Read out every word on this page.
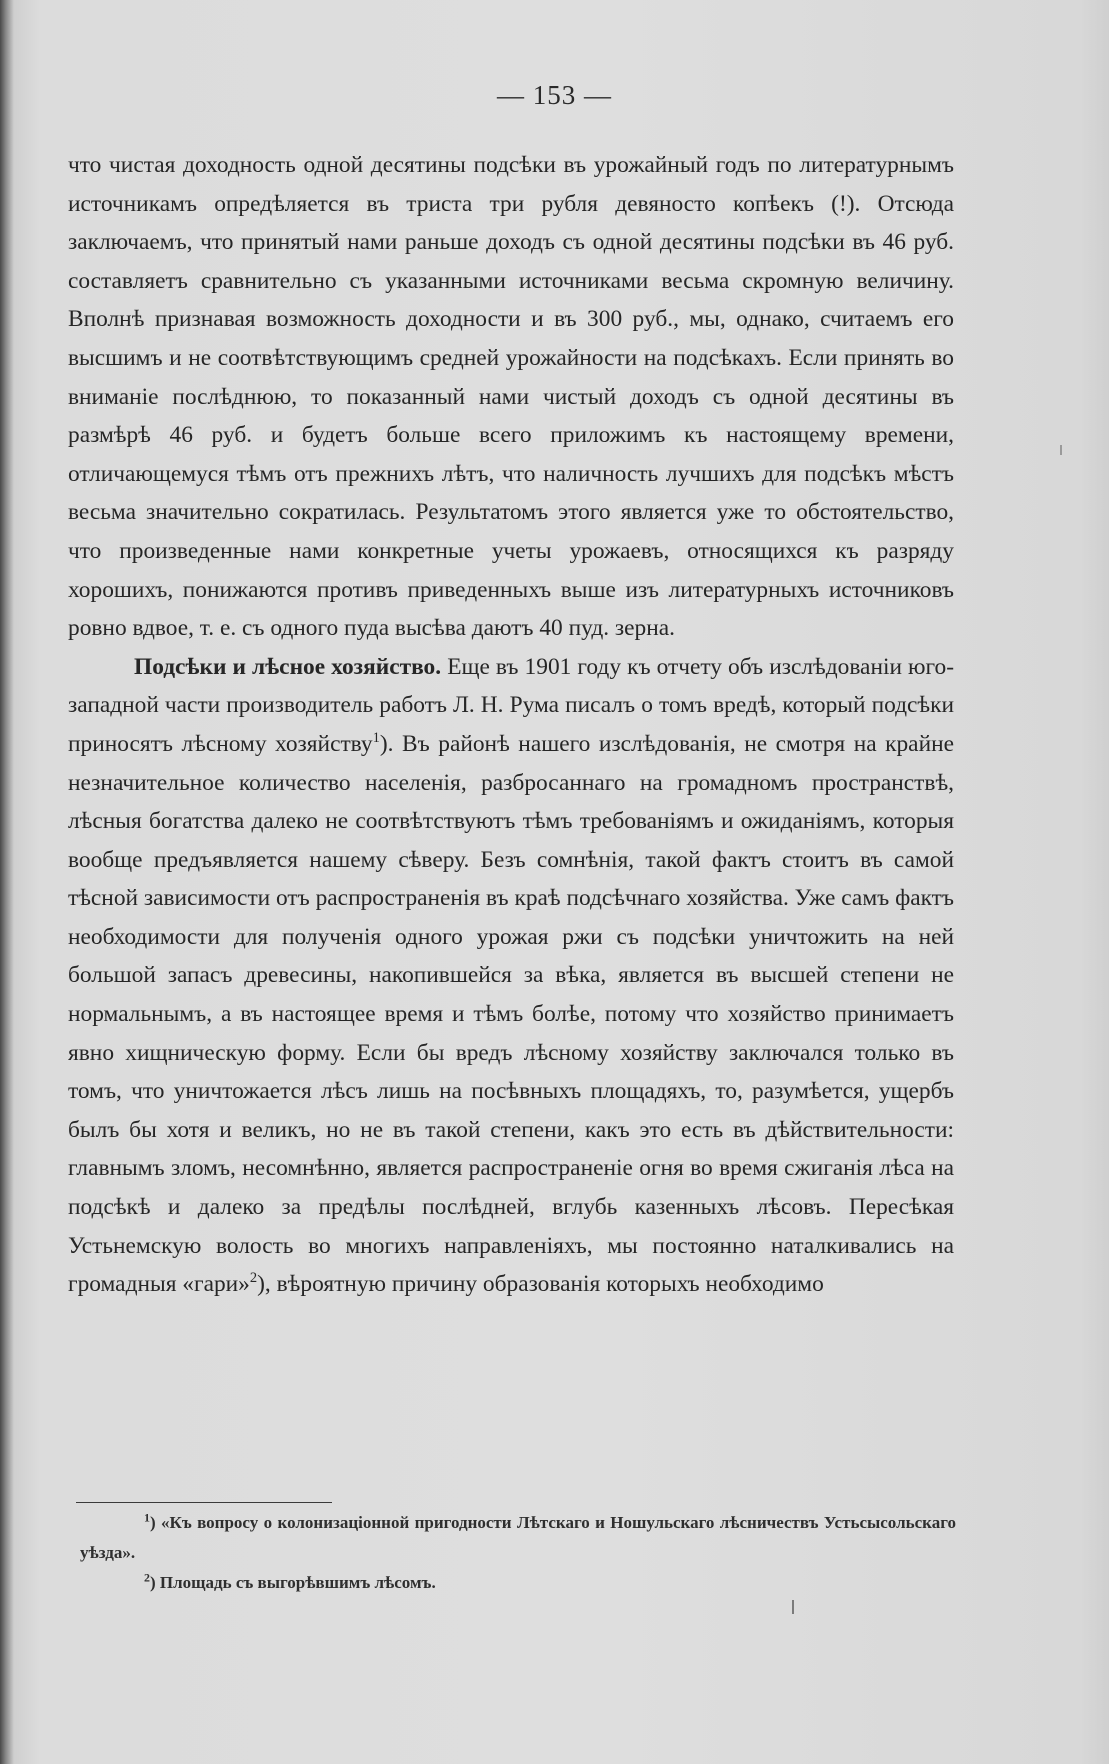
— 153 —

что чистая доходность одной десятины подсѣки въ урожайный годъ по литературнымъ источникамъ опредѣляется въ триста три рубля девяносто копѣекъ (!). Отсюда заключаемъ, что принятый нами раньше доходъ съ одной десятины подсѣки въ 46 руб. составляетъ сравнительно съ указанными источниками весьма скромную величину. Вполнѣ признавая возможность доходности и въ 300 руб., мы, однако, считаемъ его высшимъ и не соотвѣтствующимъ средней урожайности на подсѣкахъ. Если принять во вниманіе послѣднюю, то показанный нами чистый доходъ съ одной десятины въ размѣрѣ 46 руб. и будетъ больше всего приложимъ къ настоящему времени, отличающемуся тѣмъ отъ прежнихъ лѣтъ, что наличность лучшихъ для подсѣкъ мѣстъ весьма значительно сократилась. Результатомъ этого является уже то обстоятельство, что произведенные нами конкретные учеты урожаевъ, относящихся къ разряду хорошихъ, понижаются противъ приведенныхъ выше изъ литературныхъ источниковъ ровно вдвое, т. е. съ одного пуда высѣва даютъ 40 пуд. зерна.

Подсѣки и лѣсное хозяйство. Еще въ 1901 году къ отчету объ изслѣдованіи юго-западной части производитель работъ Л. Н. Рума писалъ о томъ вредѣ, который подсѣки приносятъ лѣсному хозяйству$^1$). Въ районѣ нашего изслѣдованія, не смотря на крайне незначительное количество населенія, разбросаннаго на громадномъ пространствѣ, лѣсныя богатства далеко не соотвѣтствуютъ тѣмъ требованіямъ и ожиданіямъ, которыя вообще предъявляется нашему сѣверу. Безъ сомнѣнія, такой фактъ стоитъ въ самой тѣсной зависимости отъ распространенія въ краѣ подсѣчнаго хозяйства. Уже самъ фактъ необходимости для полученія одного урожая ржи съ подсѣки уничтожить на ней большой запасъ древесины, накопившейся за вѣка, является въ высшей степени не нормальнымъ, а въ настоящее время и тѣмъ болѣе, потому что хозяйство принимаетъ явно хищническую форму. Если бы вредъ лѣсному хозяйству заключался только въ томъ, что уничтожается лѣсъ лишь на посѣвныхъ площадяхъ, то, разумѣется, ущербъ былъ бы хотя и великъ, но не въ такой степени, какъ это есть въ дѣйствительности: главнымъ зломъ, несомнѣнно, является распространеніе огня во время сжиганія лѣса на подсѣкѣ и далеко за предѣлы послѣдней, вглубь казенныхъ лѣсовъ. Пересѣкая Устьнемскую волость во многихъ направленіяхъ, мы постоянно наталкивались на громадныя «гари»$^2$), вѣроятную причину образованія которыхъ необходимо

$^1$) «Къ вопросу о колонизаціонной пригодности Лѣтскаго и Ношульскаго лѣсничествъ Устьсысольскаго уѣзда».

$^2$) Площадь съ выгорѣвшимъ лѣсомъ.
